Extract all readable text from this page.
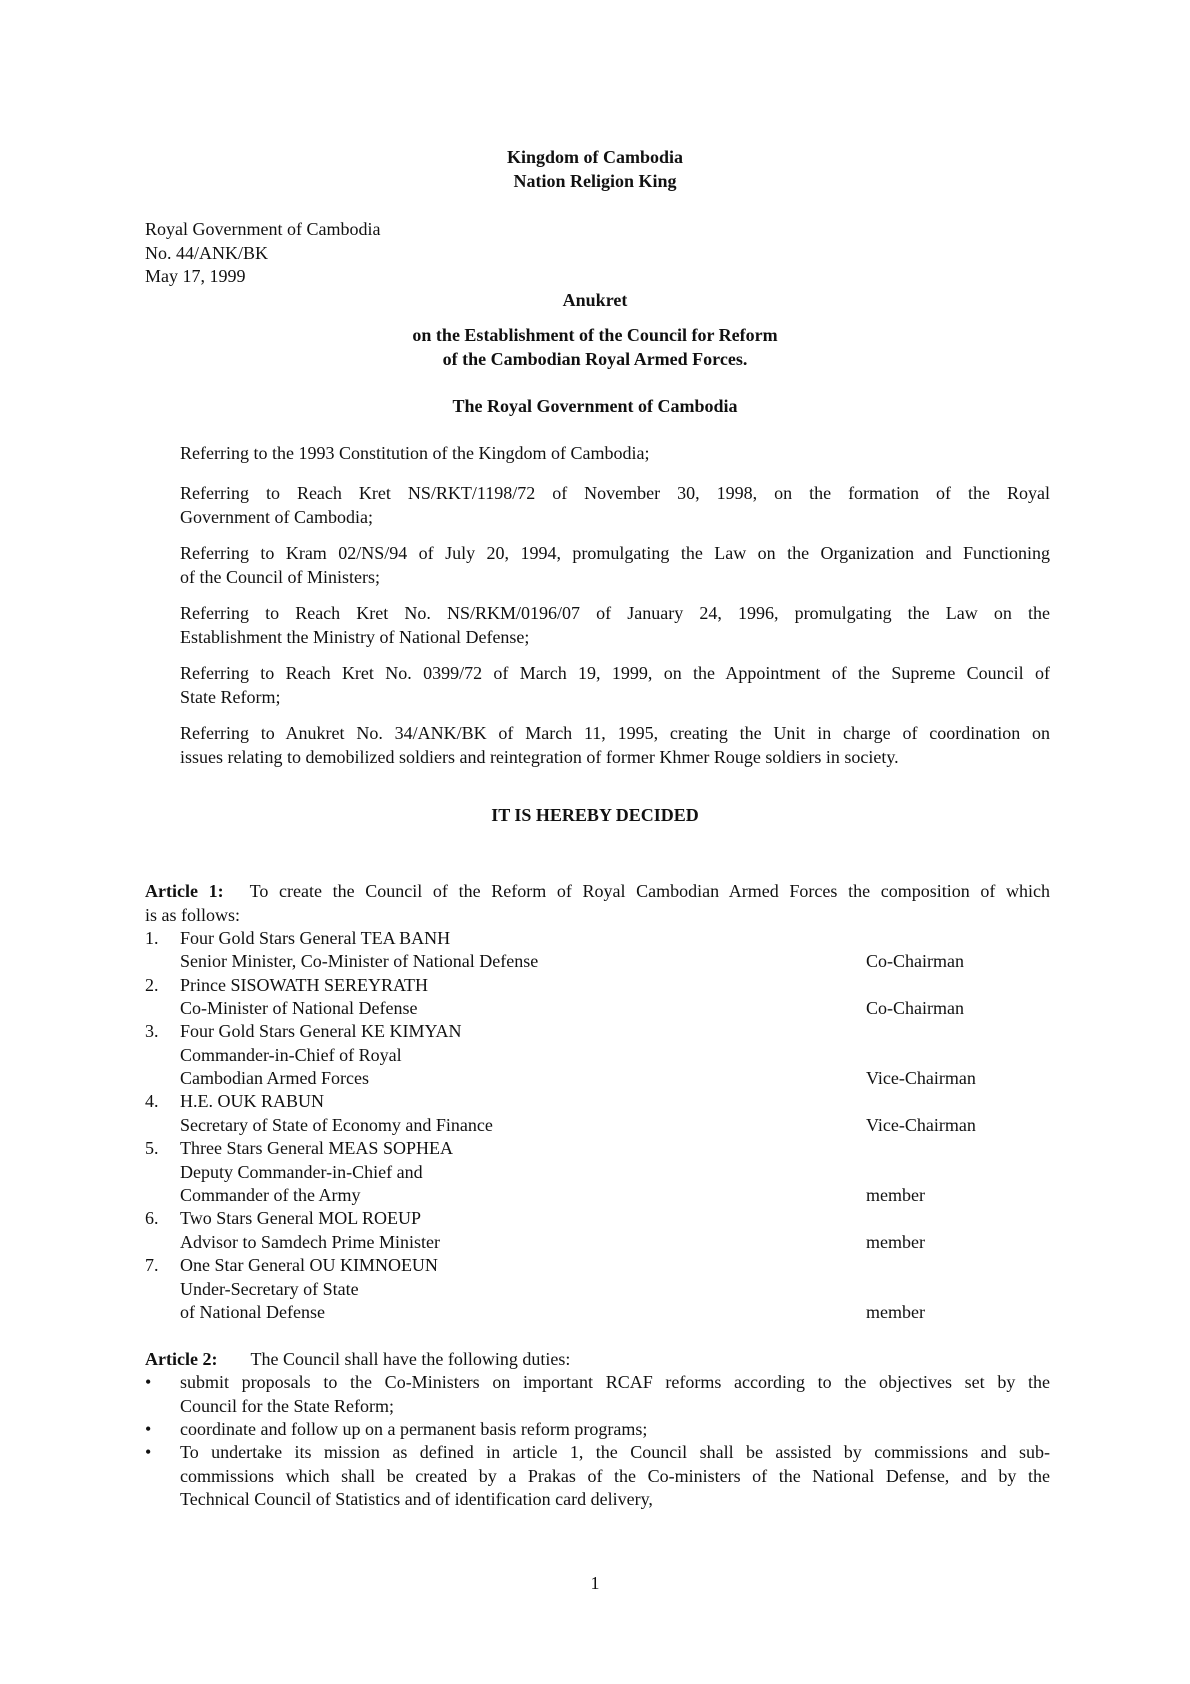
Kingdom of Cambodia
Nation Religion King
Royal Government of Cambodia
No. 44/ANK/BK
May 17, 1999
Anukret
on the Establishment of the Council for Reform
of the Cambodian Royal Armed Forces.
The Royal Government of Cambodia
Referring to the 1993 Constitution of the Kingdom of Cambodia;
Referring to Reach Kret NS/RKT/1198/72 of November 30, 1998, on the formation of the Royal
Government of Cambodia;
Referring to Kram 02/NS/94 of July 20, 1994, promulgating the Law on the Organization and Functioning
of the Council of Ministers;
Referring to Reach Kret No. NS/RKM/0196/07 of January 24, 1996, promulgating the Law on the
Establishment the Ministry of National Defense;
Referring to Reach Kret No. 0399/72 of March 19, 1999, on the Appointment of the Supreme Council of
State Reform;
Referring to Anukret No. 34/ANK/BK of March 11, 1995, creating the Unit in charge of coordination on
issues relating to demobilized soldiers and reintegration of former Khmer Rouge soldiers in society.
IT IS HEREBY DECIDED
Article 1: To create the Council of the Reform of Royal Cambodian Armed Forces the composition of which
is as follows:
1. Four Gold Stars General TEA BANH
Senior Minister, Co-Minister of National Defense	Co-Chairman
2. Prince SISOWATH SEREYRATH
Co-Minister of National Defense	Co-Chairman
3. Four Gold Stars General KE KIMYAN
Commander-in-Chief of Royal
Cambodian Armed Forces	Vice-Chairman
4. H.E. OUK RABUN
Secretary of State of Economy and Finance	Vice-Chairman
5. Three Stars General MEAS SOPHEA
Deputy Commander-in-Chief and
Commander of the Army	member
6. Two Stars General MOL ROEUP
Advisor to Samdech Prime Minister	member
7. One Star General OU KIMNOEUN
Under-Secretary of State
of National Defense	member
Article 2: The Council shall have the following duties:
• submit proposals to the Co-Ministers on important RCAF reforms according to the objectives set by the
Council for the State Reform;
• coordinate and follow up on a permanent basis reform programs;
• To undertake its mission as defined in article 1, the Council shall be assisted by commissions and sub-
commissions which shall be created by a Prakas of the Co-ministers of the National Defense, and by the
Technical Council of Statistics and of identification card delivery,
1
